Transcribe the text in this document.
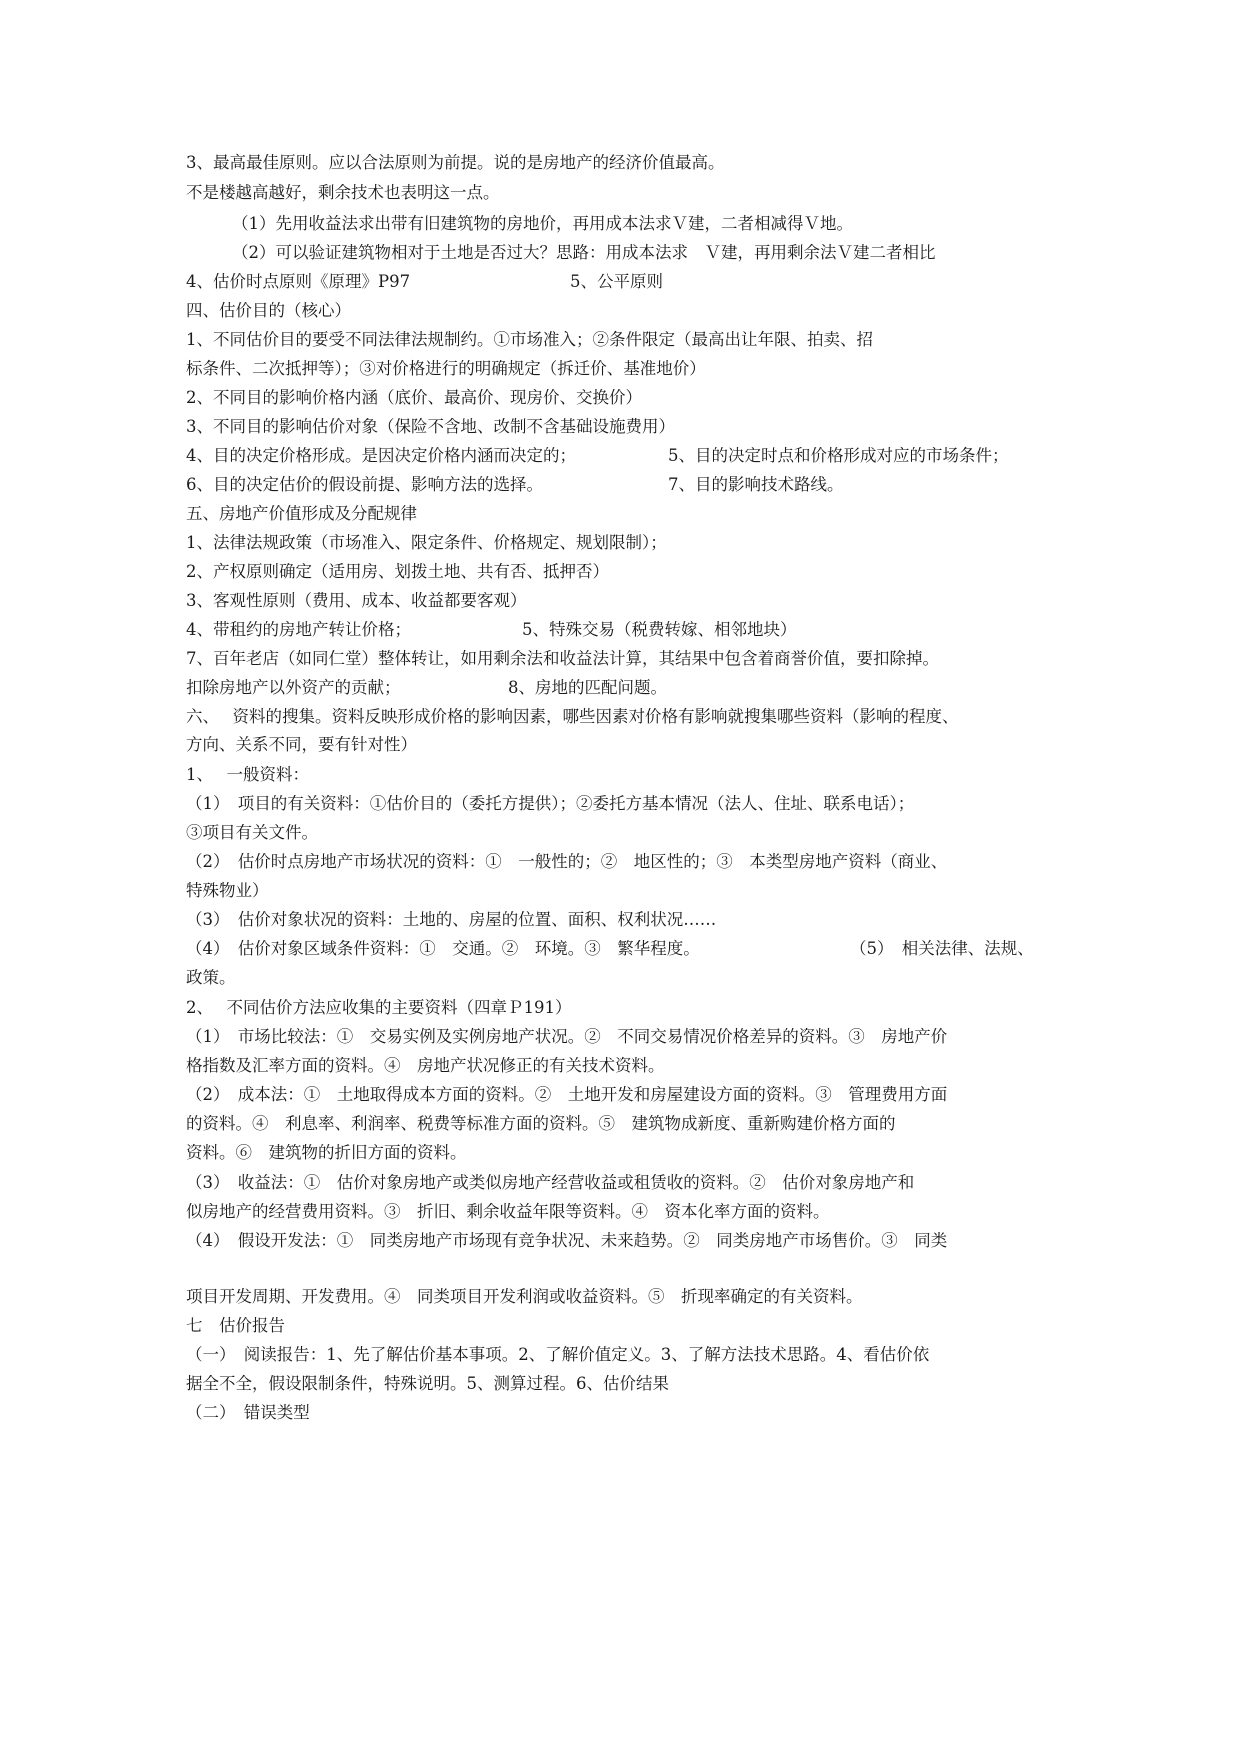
3、最高最佳原则。应以合法原则为前提。说的是房地产的经济价值最高。
不是楼越高越好，剩余技术也表明这一点。
（1）先用收益法求出带有旧建筑物的房地价，再用成本法求Ｖ建，二者相减得Ｖ地。
（2）可以验证建筑物相对于土地是否过大？思路：用成本法求　Ｖ建，再用剩余法Ｖ建二者相比
4、估价时点原则《原理》P97	5、公平原则
四、估价目的（核心）
1、不同估价目的要受不同法律法规制约。①市场准入；②条件限定（最高出让年限、拍卖、招
标条件、二次抵押等）；③对价格进行的明确规定（拆迁价、基准地价）
2、不同目的影响价格内涵（底价、最高价、现房价、交换价）
3、不同目的影响估价对象（保险不含地、改制不含基础设施费用）
4、目的决定价格形成。是因决定价格内涵而决定的；	5、目的决定时点和价格形成对应的市场条件；
6、目的决定估价的假设前提、影响方法的选择。	7、目的影响技术路线。
五、房地产价值形成及分配规律
1、法律法规政策（市场准入、限定条件、价格规定、规划限制）；
2、产权原则确定（适用房、划拨土地、共有否、抵押否）
3、客观性原则（费用、成本、收益都要客观）
4、带租约的房地产转让价格；	5、特殊交易（税费转嫁、相邻地块）
7、百年老店（如同仁堂）整体转让，如用剩余法和收益法计算，其结果中包含着商誉价值，要扣除掉。
扣除房地产以外资产的贡献；	8、房地的匹配问题。
六、　 资料的搜集。资料反映形成价格的影响因素，哪些因素对价格有影响就搜集哪些资料（影响的程度、
方向、关系不同，要有针对性）
1、　 一般资料：
（1）　项目的有关资料：①估价目的（委托方提供）；②委托方基本情况（法人、住址、联系电话）；
③项目有关文件。
（2）　估价时点房地产市场状况的资料：①　一般性的；②　地区性的；③　本类型房地产资料（商业、
特殊物业）
（3）　估价对象状况的资料：土地的、房屋的位置、面积、权利状况……
（4）　估价对象区域条件资料：①　交通。②　环境。③　繁华程度。	（5）　相关法律、法规、
政策。
2、　 不同估价方法应收集的主要资料（四章Ｐ191）
（1）　市场比较法：①　交易实例及实例房地产状况。②　不同交易情况价格差异的资料。③　房地产价
格指数及汇率方面的资料。④　房地产状况修正的有关技术资料。
（2）　成本法：①　土地取得成本方面的资料。②　土地开发和房屋建设方面的资料。③　管理费用方面
的资料。④　利息率、利润率、税费等标准方面的资料。⑤　建筑物成新度、重新购建价格方面的
资料。⑥　建筑物的折旧方面的资料。
（3）　收益法：①　估价对象房地产或类似房地产经营收益或租赁收的资料。②　估价对象房地产和
似房地产的经营费用资料。③　折旧、剩余收益年限等资料。④　资本化率方面的资料。
（4）　假设开发法：①　同类房地产市场现有竞争状况、未来趋势。②　同类房地产市场售价。③　同类
项目开发周期、开发费用。④　同类项目开发利润或收益资料。⑤　折现率确定的有关资料。
七　估价报告
（一）　阅读报告：1、先了解估价基本事项。2、了解价值定义。3、了解方法技术思路。4、看估价依
据全不全，假设限制条件，特殊说明。5、测算过程。6、估价结果
（二）　错误类型
